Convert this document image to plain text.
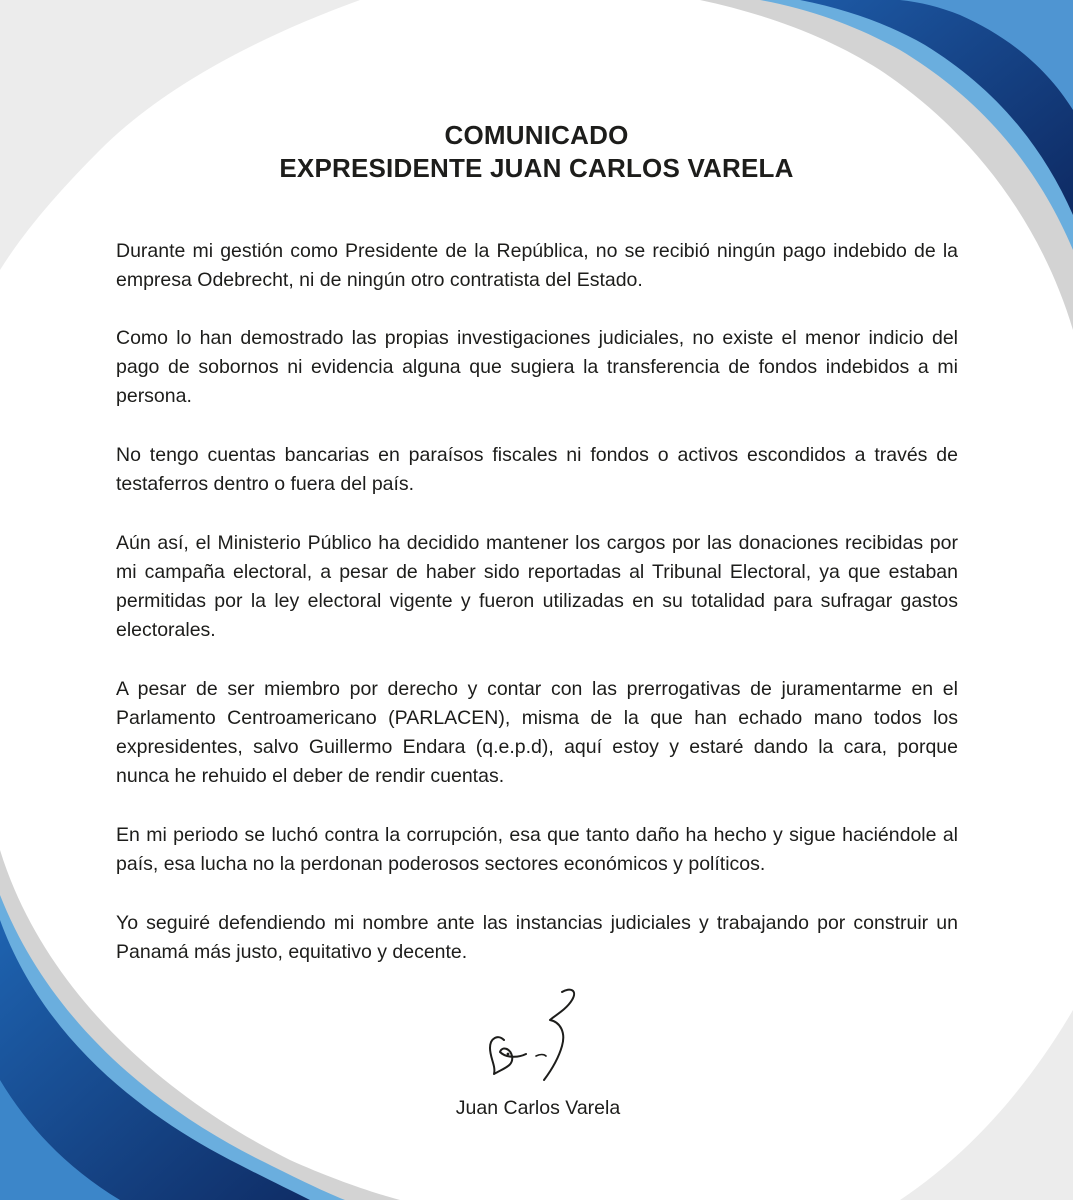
COMUNICADO
EXPRESIDENTE JUAN CARLOS VARELA

Durante mi gestión como Presidente de la República, no se recibió ningún pago indebido de la empresa Odebrecht, ni de ningún otro contratista del Estado.

Como lo han demostrado las propias investigaciones judiciales, no existe el menor indicio del pago de sobornos ni evidencia alguna que sugiera la transferencia de fondos indebidos a mi persona.

No tengo cuentas bancarias en paraísos fiscales ni fondos o activos escondidos a través de testaferros dentro o fuera del país.

Aún así, el Ministerio Público ha decidido mantener los cargos por las donaciones recibidas por mi campaña electoral, a pesar de haber sido reportadas al Tribunal Electoral, ya que estaban permitidas por la ley electoral vigente y fueron utilizadas en su totalidad para sufragar gastos electorales.

A pesar de ser miembro por derecho y contar con las prerrogativas de juramentarme en el Parlamento Centroamericano (PARLACEN), misma de la que han echado mano todos los expresidentes, salvo Guillermo Endara (q.e.p.d), aquí estoy y estaré dando la cara, porque nunca he rehuido el deber de rendir cuentas.

En mi periodo se luchó contra la corrupción, esa que tanto daño ha hecho y sigue haciéndole al país, esa lucha no la perdonan poderosos sectores económicos y políticos.

Yo seguiré defendiendo mi nombre ante las instancias judiciales y trabajando por construir un Panamá más justo, equitativo y decente.

Juan Carlos Varela
